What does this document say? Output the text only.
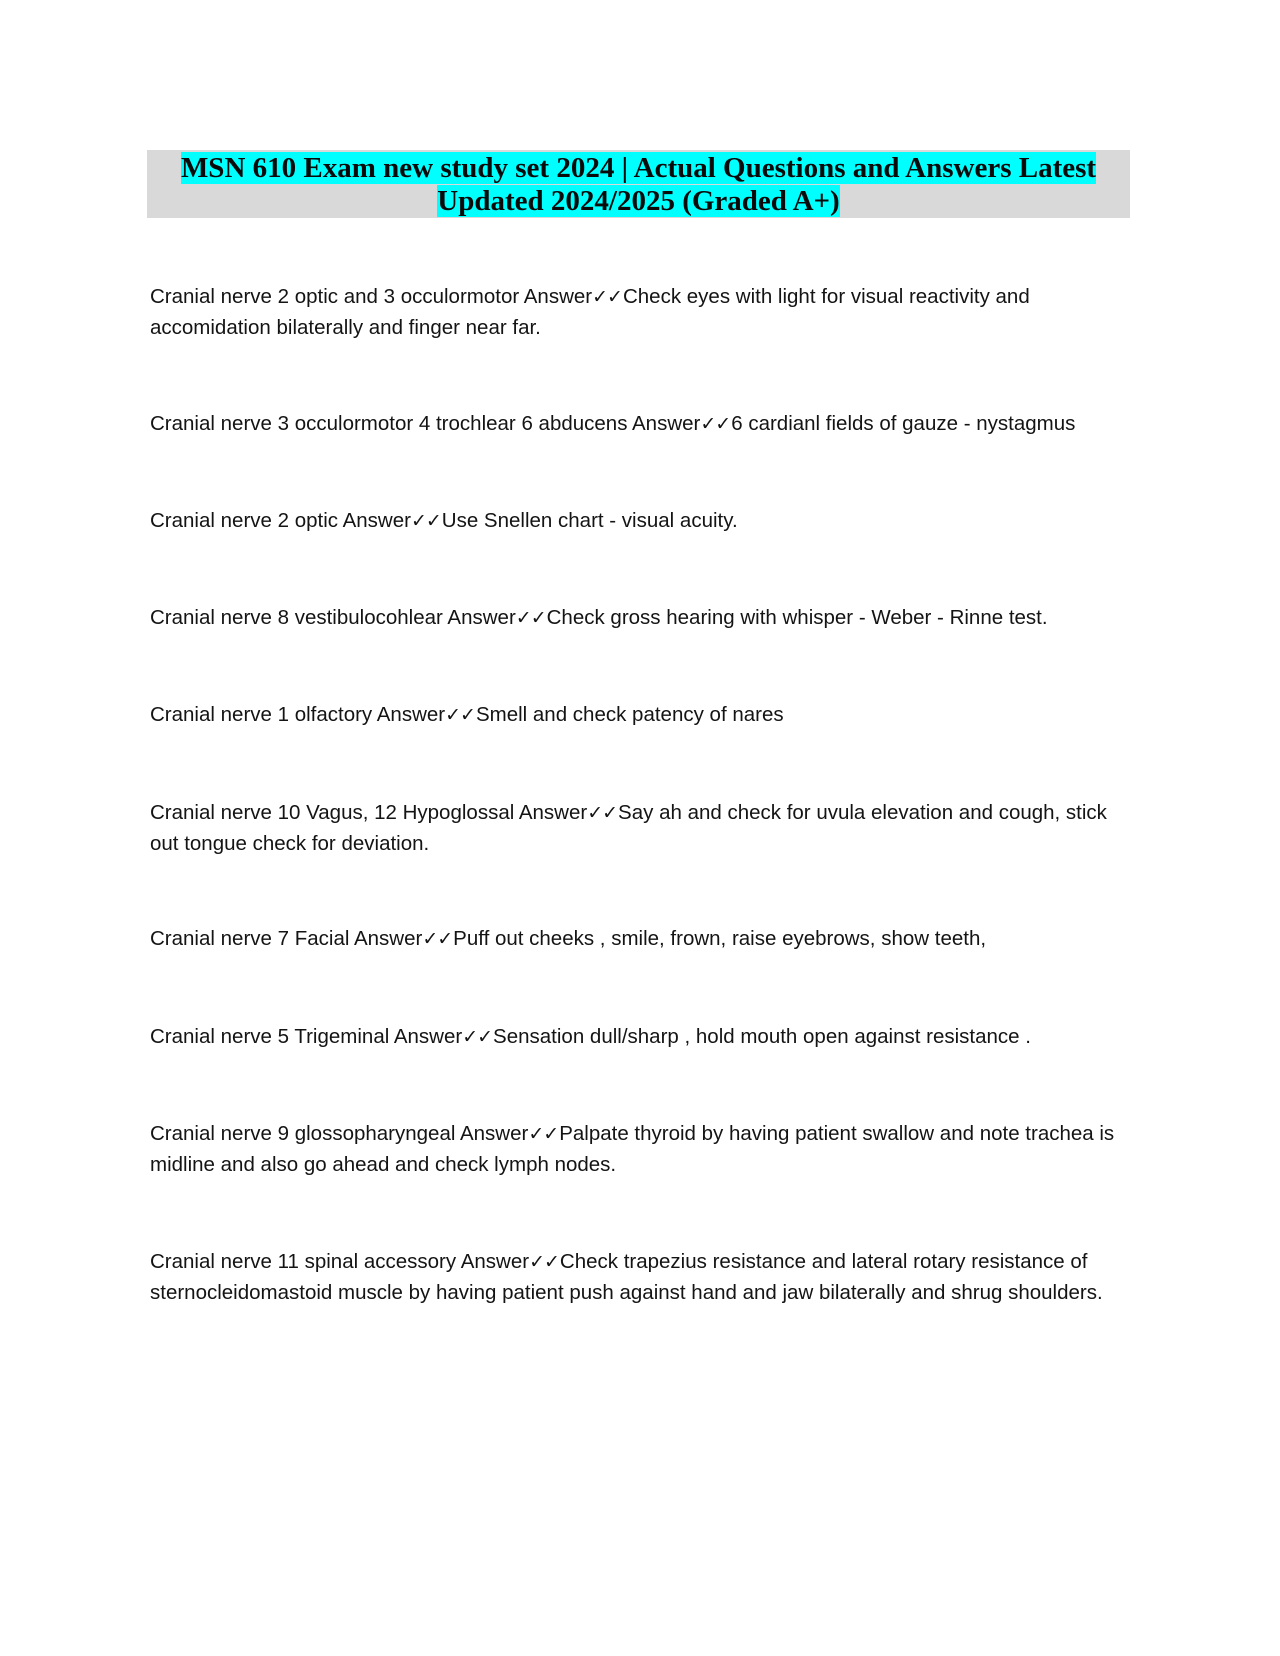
MSN 610 Exam new study set 2024 | Actual Questions and Answers Latest
Updated 2024/2025 (Graded A+)
Cranial nerve 2 optic and 3 occulormotor Answer✓✓Check eyes with light for visual reactivity and accomidation bilaterally and finger near far.
Cranial nerve 3 occulormotor 4 trochlear 6 abducens Answer✓✓6 cardianl fields of gauze - nystagmus
Cranial nerve 2 optic Answer✓✓Use Snellen chart - visual acuity.
Cranial nerve 8 vestibulocohlear Answer✓✓Check gross hearing with whisper - Weber - Rinne test.
Cranial nerve 1 olfactory Answer✓✓Smell and check patency of nares
Cranial nerve 10 Vagus, 12 Hypoglossal Answer✓✓Say ah and check for uvula elevation and cough, stick out tongue check for deviation.
Cranial nerve 7 Facial Answer✓✓Puff out cheeks , smile, frown, raise eyebrows, show teeth,
Cranial nerve 5 Trigeminal Answer✓✓Sensation dull/sharp , hold mouth open against resistance .
Cranial nerve 9 glossopharyngeal Answer✓✓Palpate thyroid by having patient swallow and note trachea is midline and also go ahead and check lymph nodes.
Cranial nerve 11 spinal accessory Answer✓✓Check trapezius resistance and lateral rotary resistance of sternocleidomastoid muscle by having patient push against hand and jaw bilaterally and shrug shoulders.
